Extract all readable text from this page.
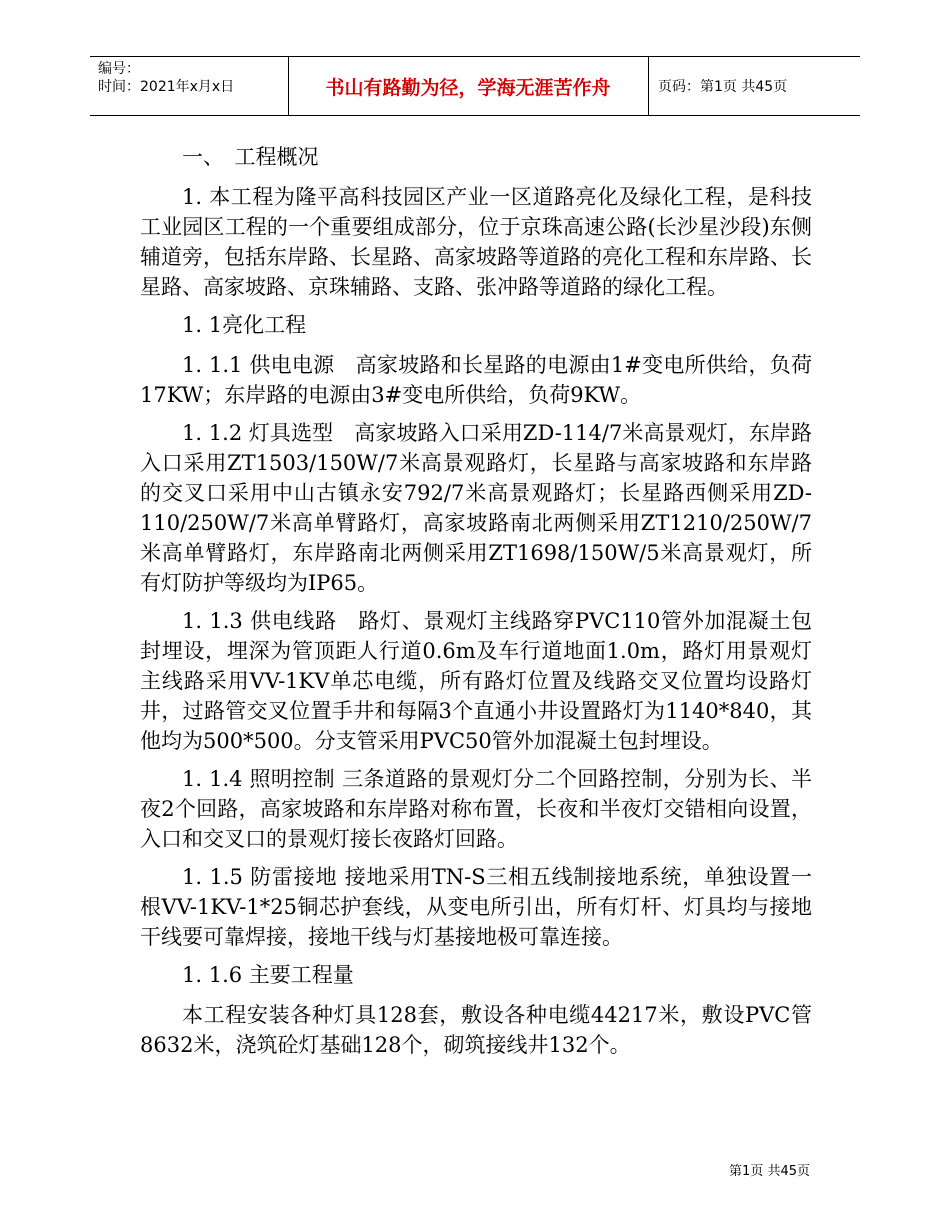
编号：
时间：2021年x月x日	书山有路勤为径，学海无涯苦作舟	页码：第1页 共45页

一、　工程概况

1. 本工程为隆平高科技园区产业一区道路亮化及绿化工程，是科技工业园区工程的一个重要组成部分，位于京珠高速公路(长沙星沙段)东侧辅道旁，包括东岸路、长星路、高家坡路等道路的亮化工程和东岸路、长星路、高家坡路、京珠辅路、支路、张冲路等道路的绿化工程。

1. 1亮化工程

1. 1.1 供电电源　高家坡路和长星路的电源由1#变电所供给，负荷17KW；东岸路的电源由3#变电所供给，负荷9KW。

1. 1.2 灯具选型　高家坡路入口采用ZD-114/7米高景观灯，东岸路入口采用ZT1503/150W/7米高景观路灯，长星路与高家坡路和东岸路的交叉口采用中山古镇永安792/7米高景观路灯；长星路西侧采用ZD-110/250W/7米高单臂路灯，高家坡路南北两侧采用ZT1210/250W/7米高单臂路灯，东岸路南北两侧采用ZT1698/150W/5米高景观灯，所有灯防护等级均为IP65。

1. 1.3 供电线路　路灯、景观灯主线路穿PVC110管外加混凝土包封埋设，埋深为管顶距人行道0.6m及车行道地面1.0m，路灯用景观灯主线路采用VV-1KV单芯电缆，所有路灯位置及线路交叉位置均设路灯井，过路管交叉位置手井和每隔3个直通小井设置路灯为1140*840，其他均为500*500。分支管采用PVC50管外加混凝土包封埋设。

1. 1.4 照明控制 三条道路的景观灯分二个回路控制，分别为长、半夜2个回路，高家坡路和东岸路对称布置，长夜和半夜灯交错相向设置，入口和交叉口的景观灯接长夜路灯回路。

1. 1.5 防雷接地 接地采用TN-S三相五线制接地系统，单独设置一根VV-1KV-1*25铜芯护套线，从变电所引出，所有灯杆、灯具均与接地干线要可靠焊接，接地干线与灯基接地极可靠连接。

1. 1.6 主要工程量

本工程安装各种灯具128套，敷设各种电缆44217米，敷设PVC管8632米，浇筑砼灯基础128个，砌筑接线井132个。

第1页 共45页
